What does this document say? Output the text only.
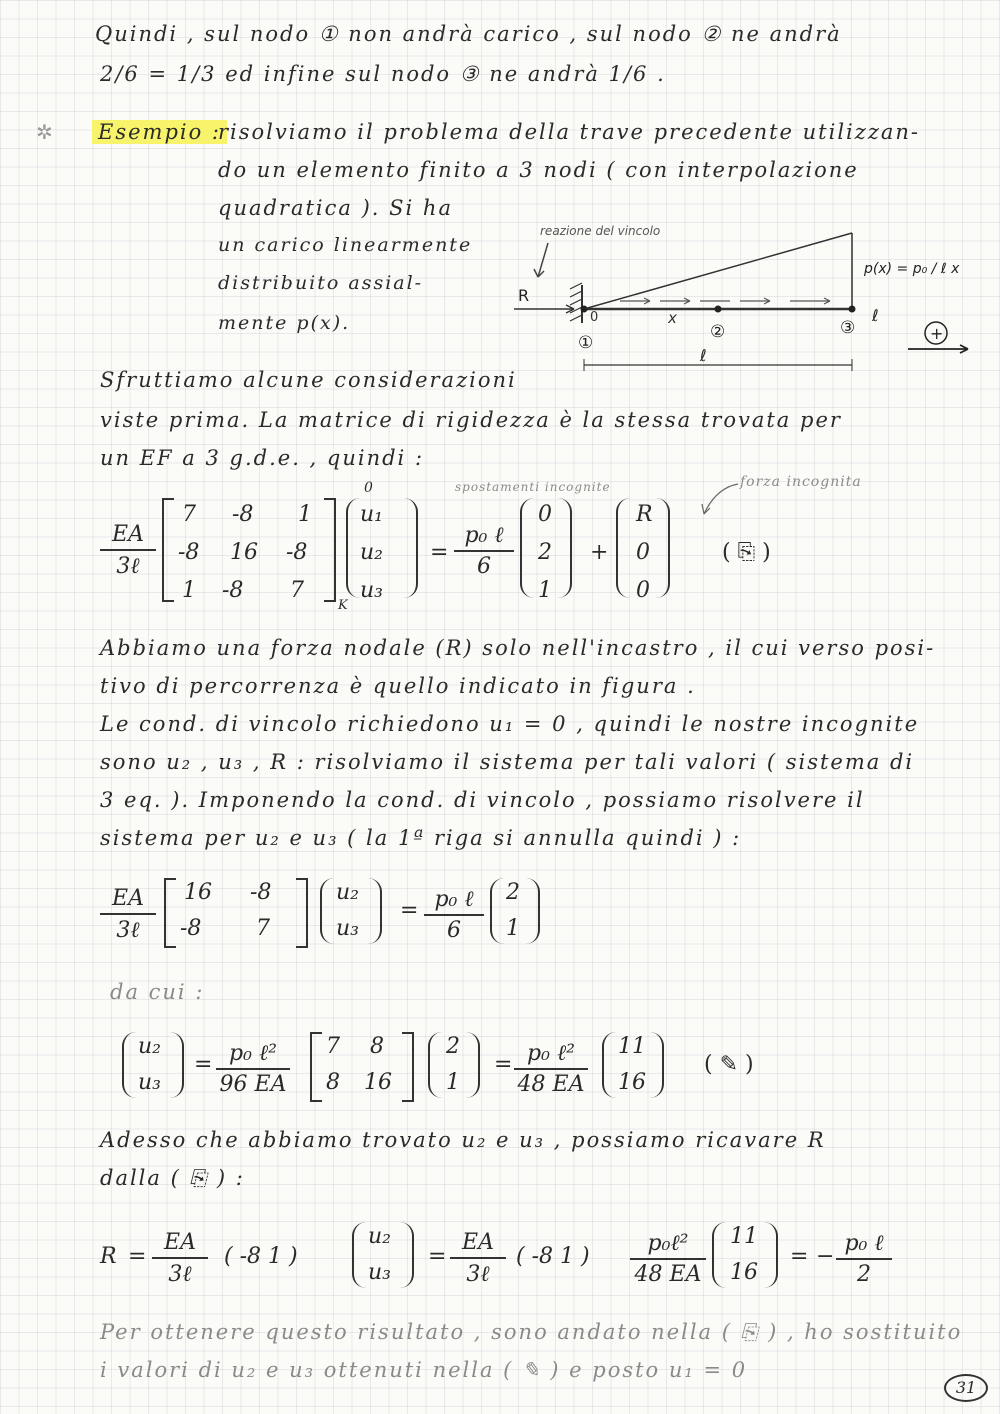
Quindi , sul nodo ① non andrà carico , sul nodo ② ne andrà
2/6 = 1/3 ed infine sul nodo ③ ne andrà 1/6 .
✲ Esempio :
risolviamo il problema della trave precedente utilizzan-
do un elemento finito a 3 nodi ( con interpolazione
quadratica ). Si ha
un carico linearmente
distribuito assial-
mente p(x).
reazione del vincolo
R
x
0
①
②	③
ℓ
p(x) = p₀ / ℓ x
ℓ
+
Sfruttiamo alcune considerazioni
viste prima. La matrice di rigidezza è la stessa trovata per
un EF a 3 g.d.e. , quindi :
EA
3ℓ
7 -8 1
-8 16 -8
1 -8 7
K
0
u₁
u₂
u₃
=
p₀ ℓ
6
0
2
1
+
R
0
0
( ⎘ )
spostamenti incognite	forza incognita
Abbiamo una forza nodale (R) solo nell'incastro , il cui verso posi-
tivo di percorrenza è quello indicato in figura .
Le cond. di vincolo richiedono u₁ = 0 , quindi le nostre incognite
sono u₂ , u₃ , R : risolviamo il sistema per tali valori ( sistema di
3 eq. ). Imponendo la cond. di vincolo , possiamo risolvere il
sistema per u₂ e u₃ ( la 1ª riga si annulla quindi ) :
EA
3ℓ
16 -8
-8 7
u₂
u₃
= p₀ ℓ
6
2
1
da cui :
u₂
u₃
= p₀ ℓ²
96 EA
7 8
8 16
2
1
= p₀ ℓ²
48 EA
11
16
( ✎ )
Adesso che abbiamo trovato u₂ e u₃ , possiamo ricavare R
dalla ( ⎘ ) :
R =
EA
3ℓ
( -8 1 )
u₂
u₃
=
EA
3ℓ
( -8 1 )
p₀ℓ²
48 EA
11
16
= −
p₀ ℓ
2
Per ottenere questo risultato , sono andato nella ( ⎘ ) , ho sostituito
i valori di u₂ e u₃ ottenuti nella ( ✎ ) e posto u₁ = 0
31
